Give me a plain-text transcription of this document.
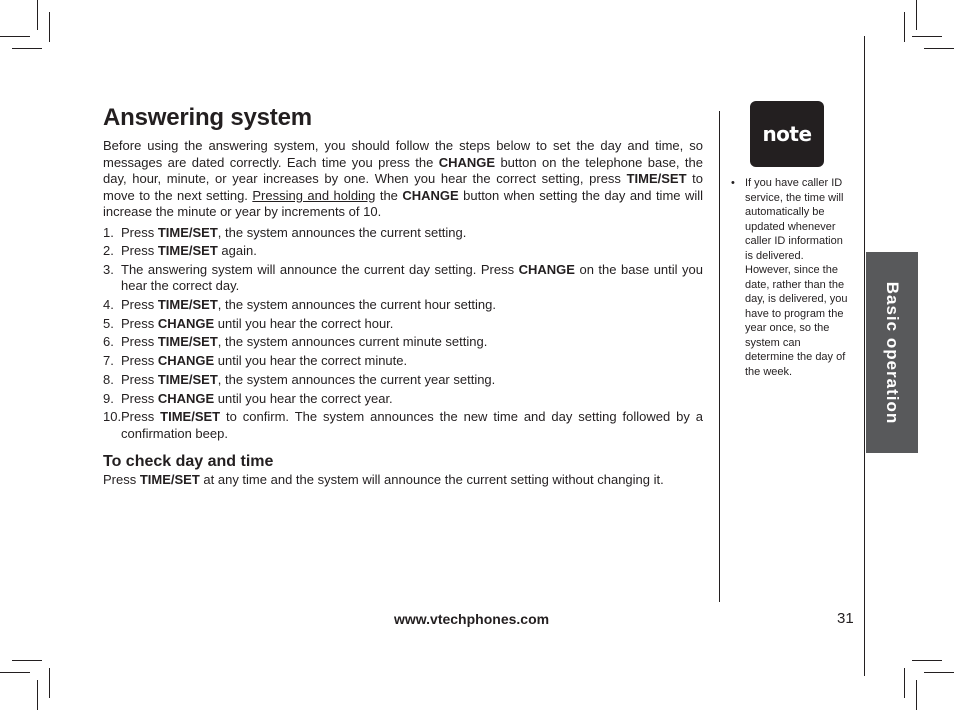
Answering system

Before using the answering system, you should follow the steps below to set the day and time, so messages are dated correctly. Each time you press the CHANGE button on the telephone base, the day, hour, minute, or year increases by one. When you hear the correct setting, press TIME/SET to move to the next setting. Pressing and holding the CHANGE button when setting the day and time will increase the minute or year by increments of 10.

1. Press TIME/SET, the system announces the current setting.
2. Press TIME/SET again.
3. The answering system will announce the current day setting. Press CHANGE on the base until you hear the correct day.
4. Press TIME/SET, the system announces the current hour setting.
5. Press CHANGE until you hear the correct hour.
6. Press TIME/SET, the system announces current minute setting.
7. Press CHANGE until you hear the correct minute.
8. Press TIME/SET, the system announces the current year setting.
9. Press CHANGE until you hear the correct year.
10. Press TIME/SET to confirm. The system announces the new time and day setting followed by a confirmation beep.
To check day and time

Press TIME/SET at any time and the system will announce the current setting without changing it.

note

• If you have caller ID service, the time will automatically be updated whenever caller ID information is delivered. However, since the date, rather than the day, is delivered, you have to program the year once, so the system can determine the day of the week.	Basic operation
www.vtechphones.com	31
